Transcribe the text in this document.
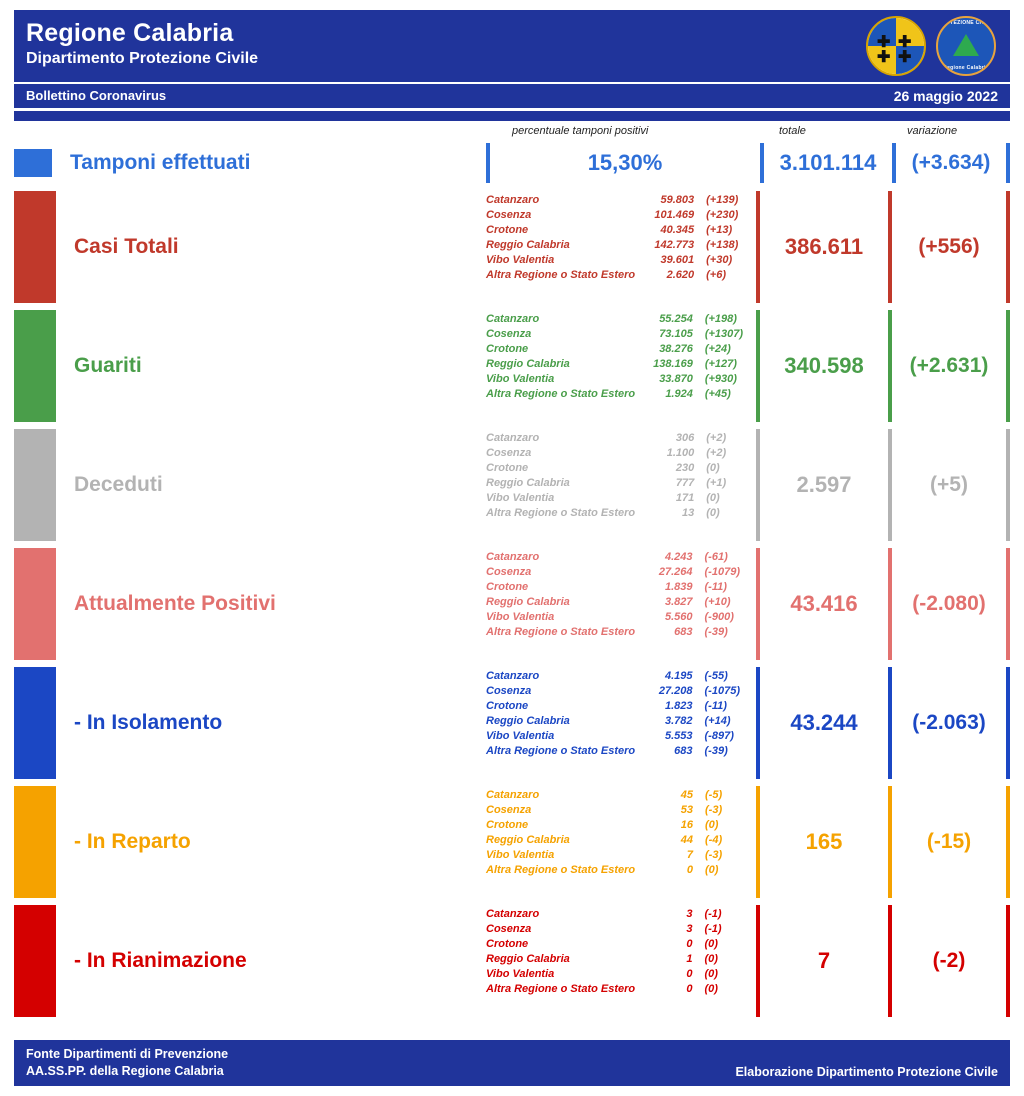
Regione Calabria
Dipartimento Protezione Civile
✚ ✚
✚ ✚
PROTEZIONE CIVILE
Regione Calabria
Bollettino Coronavirus	26 maggio 2022
percentuale tamponi positivi	totale	variazione
Tamponi effettuati	15,30%	3.101.114	(+3.634)
Casi Totali
Catanzaro	59.803	(+139)
Cosenza	101.469	(+230)
Crotone	40.345	(+13)
Reggio Calabria	142.773	(+138)
Vibo Valentia	39.601	(+30)
Altra Regione o Stato Estero	2.620	(+6)
386.611	(+556)
Guariti
Catanzaro	55.254	(+198)
Cosenza	73.105	(+1307)
Crotone	38.276	(+24)
Reggio Calabria	138.169	(+127)
Vibo Valentia	33.870	(+930)
Altra Regione o Stato Estero	1.924	(+45)
340.598	(+2.631)
Deceduti
Catanzaro	306	(+2)
Cosenza	1.100	(+2)
Crotone	230	(0)
Reggio Calabria	777	(+1)
Vibo Valentia	171	(0)
Altra Regione o Stato Estero	13	(0)
2.597	(+5)
Attualmente Positivi
Catanzaro	4.243	(-61)
Cosenza	27.264	(-1079)
Crotone	1.839	(-11)
Reggio Calabria	3.827	(+10)
Vibo Valentia	5.560	(-900)
Altra Regione o Stato Estero	683	(-39)
43.416	(-2.080)
- In Isolamento
Catanzaro	4.195	(-55)
Cosenza	27.208	(-1075)
Crotone	1.823	(-11)
Reggio Calabria	3.782	(+14)
Vibo Valentia	5.553	(-897)
Altra Regione o Stato Estero	683	(-39)
43.244	(-2.063)
- In Reparto
Catanzaro	45	(-5)
Cosenza	53	(-3)
Crotone	16	(0)
Reggio Calabria	44	(-4)
Vibo Valentia	7	(-3)
Altra Regione o Stato Estero	0	(0)
165	(-15)
- In Rianimazione
Catanzaro	3	(-1)
Cosenza	3	(-1)
Crotone	0	(0)
Reggio Calabria	1	(0)
Vibo Valentia	0	(0)
Altra Regione o Stato Estero	0	(0)
7	(-2)
Fonte Dipartimenti di Prevenzione
AA.SS.PP. della Regione Calabria	Elaborazione Dipartimento Protezione Civile
